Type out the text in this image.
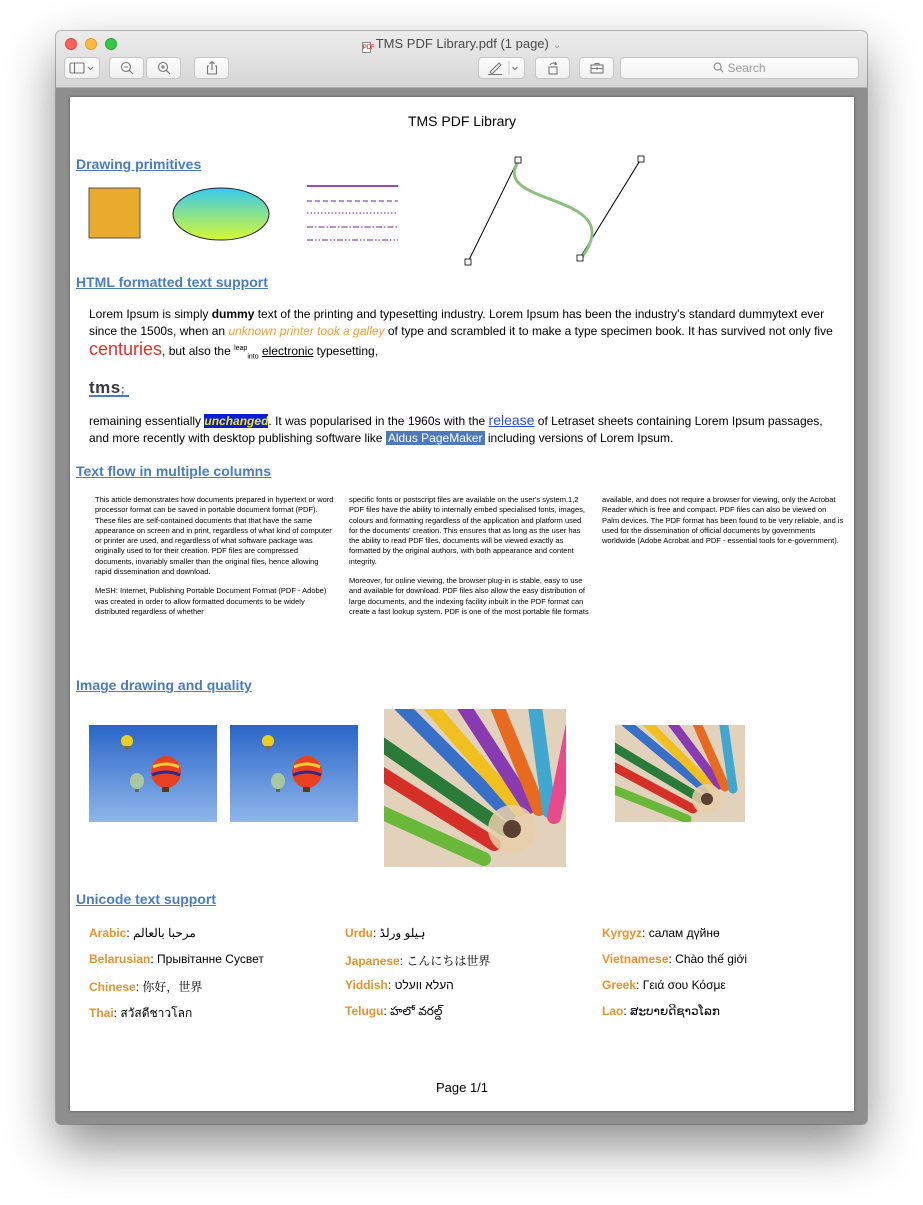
PDFTMS PDF Library.pdf (1 page) ⌄
Search
TMS PDF Library
Drawing primitives
HTML formatted text support
Lorem Ipsum is simply dummy text of the printing and typesetting industry. Lorem Ipsum has been the industry's standard dummytext ever since the 1500s, when an unknown printer took a galley of type and scrambled it to make a type specimen book. It has survived not only five centuries, but also the $^{leap}_{into}$ electronic typesetting,
tms;
remaining essentially unchanged. It was popularised in the 1960s with the release of Letraset sheets containing Lorem Ipsum passages, and more recently with desktop publishing software like Aldus PageMaker including versions of Lorem Ipsum.
Text flow in multiple columns

This article demonstrates how documents prepared in hypertext or word processor format can be saved in portable document format (PDF). These files are self-contained documents that that have the same appearance on screen and in print, regardless of what kind of computer or printer are used, and regardless of what software package was originally used to for their creation. PDF files are compressed documents, invariably smaller than the original files, hence allowing rapid dissemination and download.

MeSH: Internet, Publishing Portable Document Format (PDF - Adobe) was created in order to allow formatted documents to be widely distributed regardless of whether

specific fonts or postscript files are available on the user's system.1,2 PDF files have the ability to internally embed specialised fonts, images, colours and formatting regardless of the application and platform used for the documents' creation. This ensures that as long as the user has the ability to read PDF files, documents will be viewed exactly as formatted by the original authors, with both appearance and content integrity.

Moreover, for online viewing, the browser plug-in is stable, easy to use and available for download. PDF files also allow the easy distribution of large documents, and the indexing facility inbuilt in the PDF format can create a fast lookup system. PDF is one of the most portable file formats

available, and does not require a browser for viewing, only the Acrobat Reader which is free and compact. PDF files can also be viewed on Palm devices. The PDF format has been found to be very reliable, and is used for the dissemination of official documents by governments worldwide (Adobe Acrobat and PDF - essential tools for e-government).

Image drawing and quality
Unicode text support
Arabic: مرحبا بالعالم	Urdu: ہیلو ورلڈ	Kyrgyz: салам дүйнө
Belarusian: Прывітанне Сусвет	Japanese: こんにちは世界	Vietnamese: Chào thế giới
Chinese: 你好，世界	Yiddish: העלא וועלט	Greek: Γειά σου Κόσμε
Thai: สวัสดีชาวโลก	Telugu: హలో వరల్డ్	Lao: ສະບາຍດີຊາວໂລກ
Page 1/1
